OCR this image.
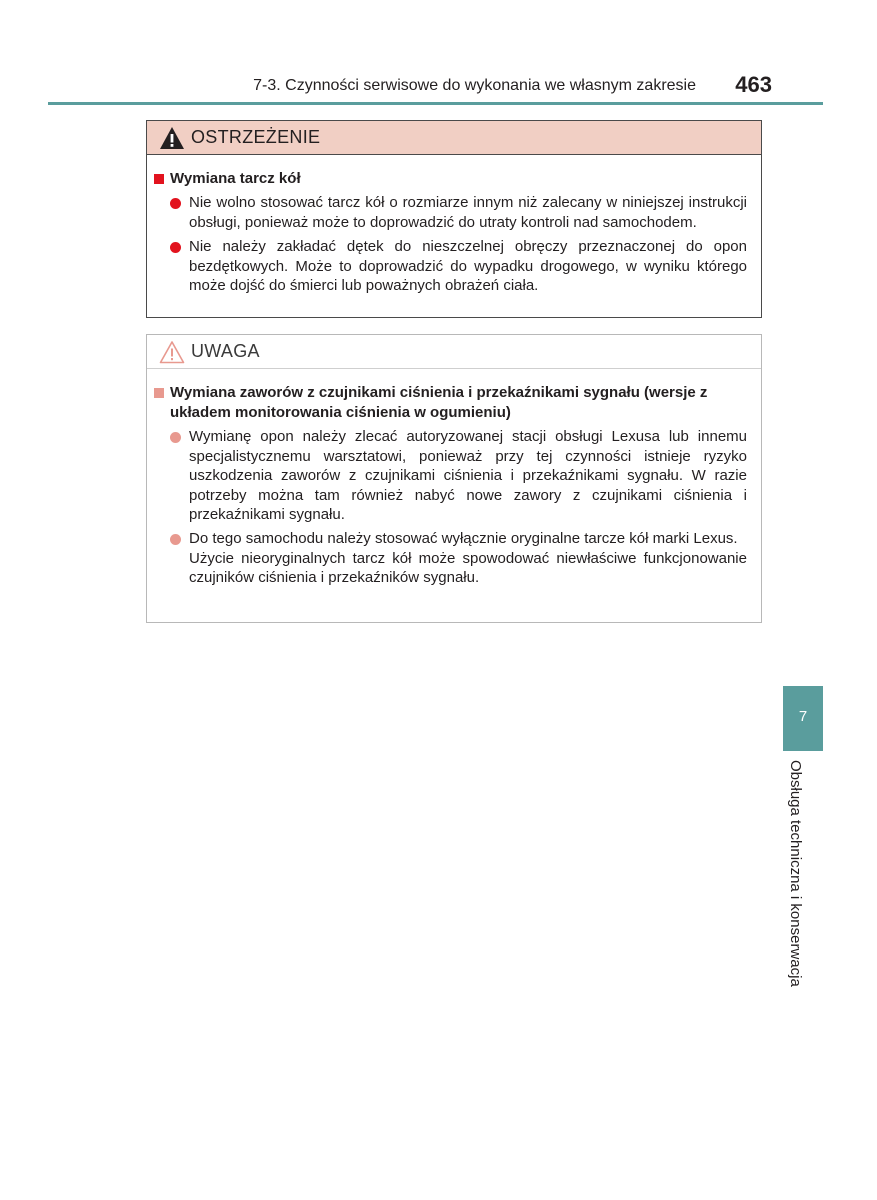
7-3. Czynności serwisowe do wykonania we własnym zakresie	463
OSTRZEŻENIE
Wymiana tarcz kół
Nie wolno stosować tarcz kół o rozmiarze innym niż zalecany w niniejszej instrukcji obsługi, ponieważ może to doprowadzić do utraty kontroli nad samochodem.
Nie należy zakładać dętek do nieszczelnej obręczy przeznaczonej do opon bezdętkowych. Może to doprowadzić do wypadku drogowego, w wyniku którego może dojść do śmierci lub poważnych obrażeń ciała.
UWAGA
Wymiana zaworów z czujnikami ciśnienia i przekaźnikami sygnału (wersje z układem monitorowania ciśnienia w ogumieniu)
Wymianę opon należy zlecać autoryzowanej stacji obsługi Lexusa lub innemu specjalistycznemu warsztatowi, ponieważ przy tej czynności istnieje ryzyko uszkodzenia zaworów z czujnikami ciśnienia i przekaźnikami sygnału. W razie potrzeby można tam również nabyć nowe zawory z czujnikami ciśnienia i przekaźnikami sygnału.
Do tego samochodu należy stosować wyłącznie oryginalne tarcze kół marki Lexus.
Użycie nieoryginalnych tarcz kół może spowodować niewłaściwe funkcjonowanie czujników ciśnienia i przekaźników sygnału.
7
Obsługa techniczna i konserwacja
